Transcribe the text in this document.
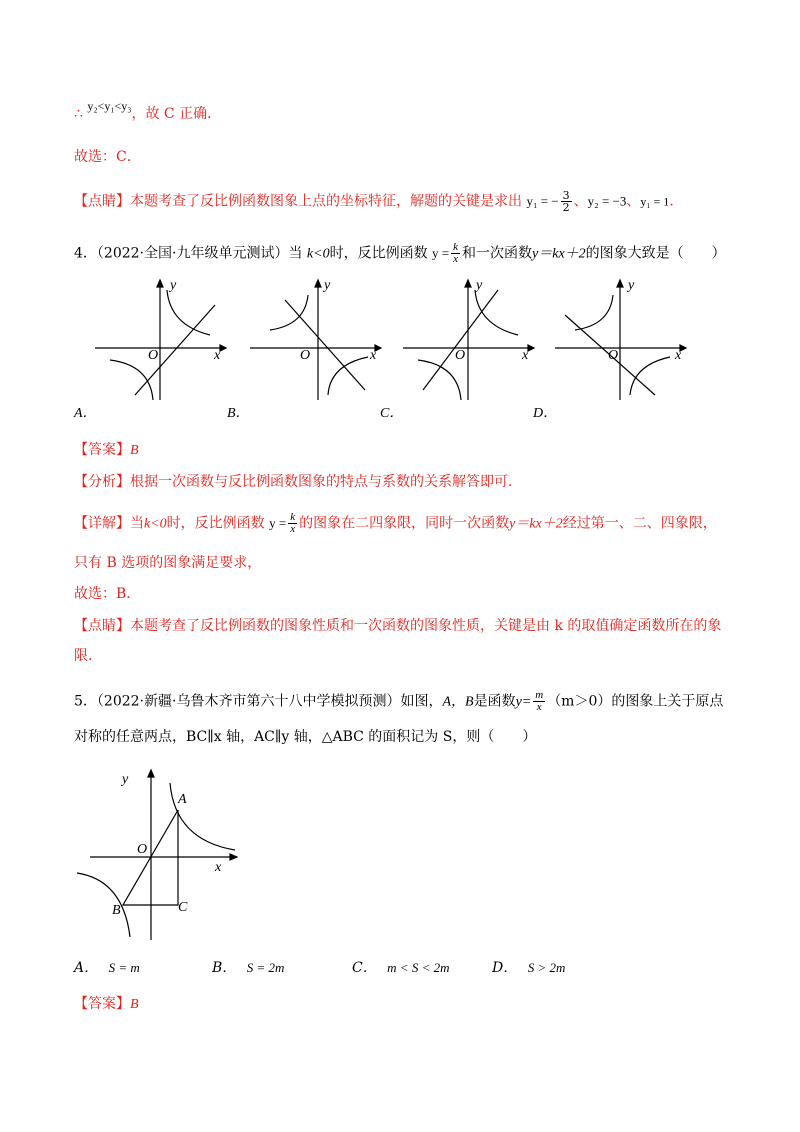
∴ y₂<y₁<y₃，故 C 正确．
故选：C．
【点睛】本题考查了反比例函数图象上点的坐标特征，解题的关键是求出 y₁ = − $\frac{3}{2}$ 、y₂ = −3、y₁ = 1．
4．（2022·全国·九年级单元测试）当 k<0时，反比例函数 $y = \frac{k}{x}$ 和一次函数y＝kx＋2的图象大致是（　　）
y
O	x
y
O	x
y
O	x
y
O	x
A．	B．	C．	D．
【答案】B
【分析】根据一次函数与反比例函数图象的特点与系数的关系解答即可．
【详解】当k<0时，反比例函数 $y = \frac{k}{x}$ 的图象在二四象限，同时一次函数y＝kx＋2经过第一、二、四象限，
只有 B 选项的图象满足要求，
故选：B．
【点睛】本题考查了反比例函数的图象性质和一次函数的图象性质，关键是由 k 的取值确定函数所在的象
限．
5．（2022·新疆·乌鲁木齐市第六十八中学模拟预测）如图，A，B是函数$y= \frac{m}{x} (m>0)$的图象上关于原点
对称的任意两点，BC∥x 轴，AC∥y 轴，△ABC 的面积记为 S，则（　　）
y
A
O
x
B	C
A． S = m	B． S = 2m	C． m < S < 2m	D． S > 2m
【答案】B
